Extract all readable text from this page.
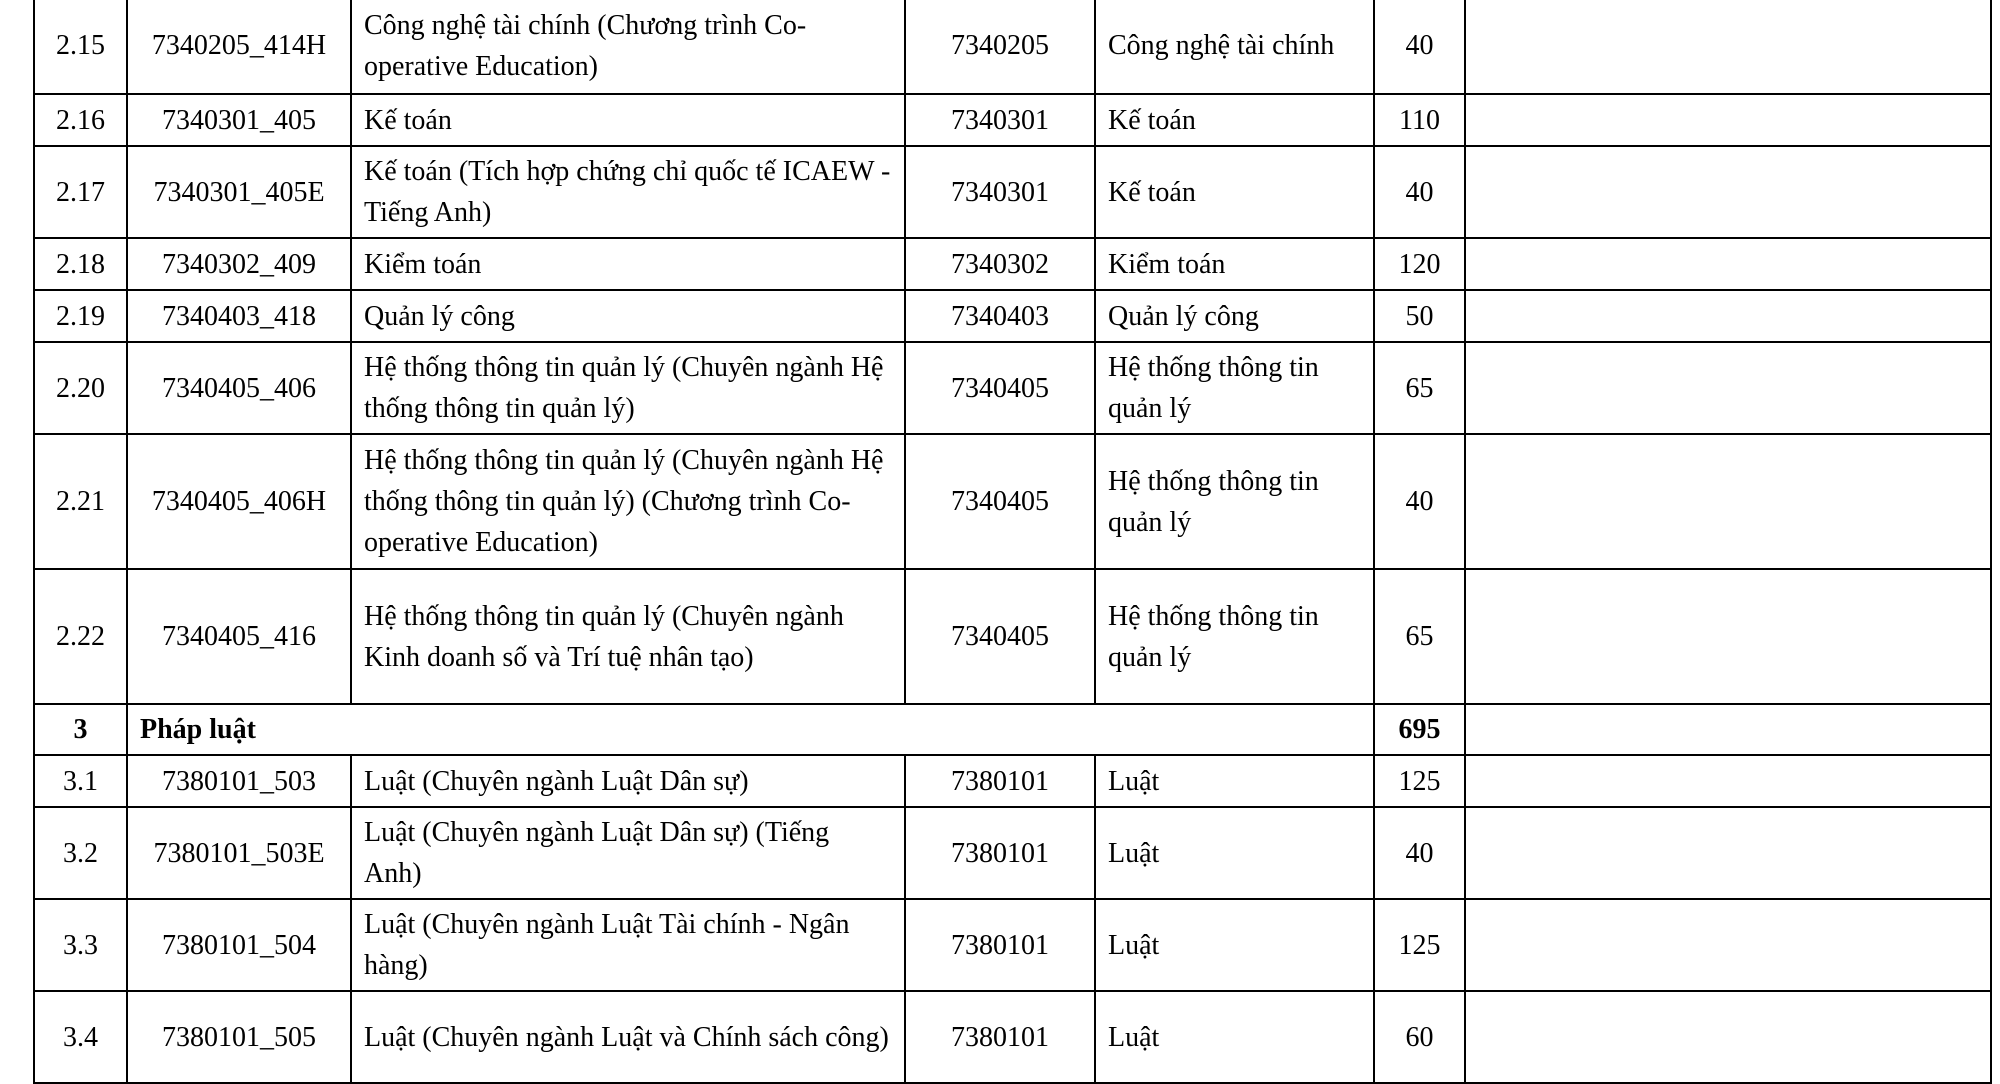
2.15	7340205_414H	Công nghệ tài chính (Chương trình Co-operative Education)	7340205	Công nghệ tài chính	40	
2.16	7340301_405	Kế toán	7340301	Kế toán	110	
2.17	7340301_405E	Kế toán (Tích hợp chứng chỉ quốc tế ICAEW - Tiếng Anh)	7340301	Kế toán	40	
2.18	7340302_409	Kiểm toán	7340302	Kiểm toán	120	
2.19	7340403_418	Quản lý công	7340403	Quản lý công	50	
2.20	7340405_406	Hệ thống thông tin quản lý (Chuyên ngành Hệ thống thông tin quản lý)	7340405	Hệ thống thông tin quản lý	65	
2.21	7340405_406H	Hệ thống thông tin quản lý (Chuyên ngành Hệ thống thông tin quản lý) (Chương trình Co-operative Education)	7340405	Hệ thống thông tin quản lý	40	
2.22	7340405_416	Hệ thống thông tin quản lý (Chuyên ngành Kinh doanh số và Trí tuệ nhân tạo)	7340405	Hệ thống thông tin quản lý	65	
3	Pháp luật				695	
3.1	7380101_503	Luật (Chuyên ngành Luật Dân sự)	7380101	Luật	125	
3.2	7380101_503E	Luật (Chuyên ngành Luật Dân sự) (Tiếng Anh)	7380101	Luật	40	
3.3	7380101_504	Luật (Chuyên ngành Luật Tài chính - Ngân hàng)	7380101	Luật	125	
3.4	7380101_505	Luật (Chuyên ngành Luật và Chính sách công)	7380101	Luật	60	
